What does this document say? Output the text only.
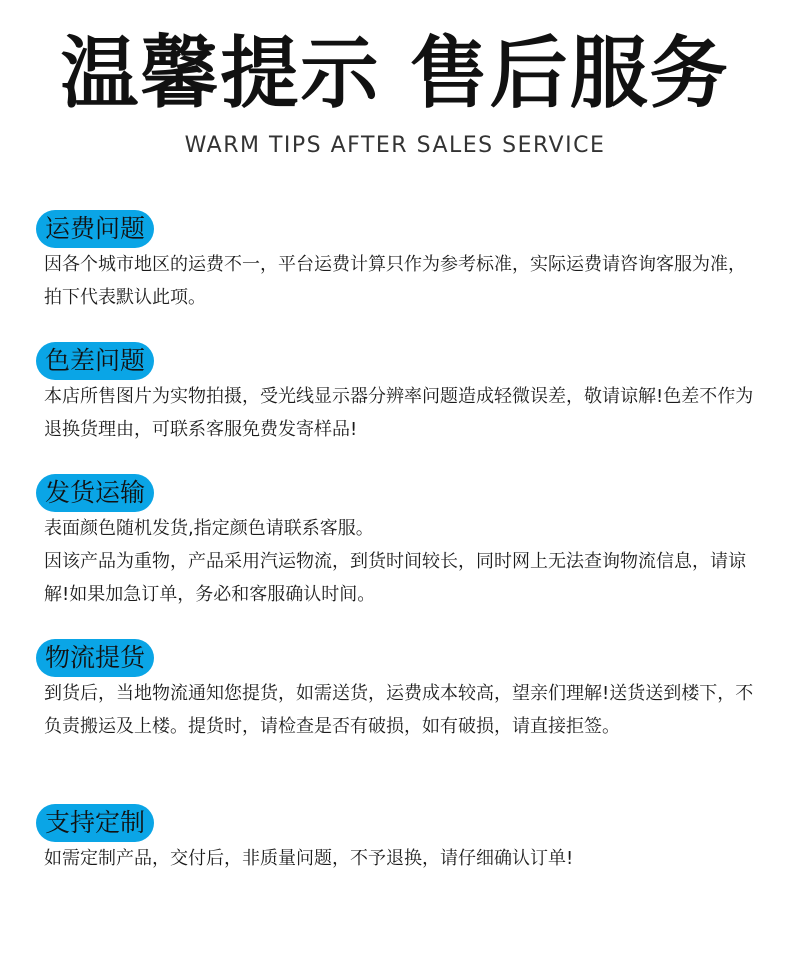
温馨提示 售后服务
WARM TIPS AFTER SALES SERVICE
运费问题

因各个城市地区的运费不一，平台运费计算只作为参考标准，实际运费请咨询客服为准，拍下代表默认此项。

色差问题

本店所售图片为实物拍摄，受光线显示器分辨率问题造成轻微误差，敬请谅解!色差不作为退换货理由，可联系客服免费发寄样品!

发货运输

表面颜色随机发货,指定颜色请联系客服。

因该产品为重物，产品采用汽运物流，到货时间较长，同时网上无法查询物流信息，请谅解!如果加急订单，务必和客服确认时间。

物流提货

到货后，当地物流通知您提货，如需送货，运费成本较高，望亲们理解!送货送到楼下，不负责搬运及上楼。提货时，请检查是否有破损，如有破损，请直接拒签。

支持定制

如需定制产品，交付后，非质量问题，不予退换，请仔细确认订单!
